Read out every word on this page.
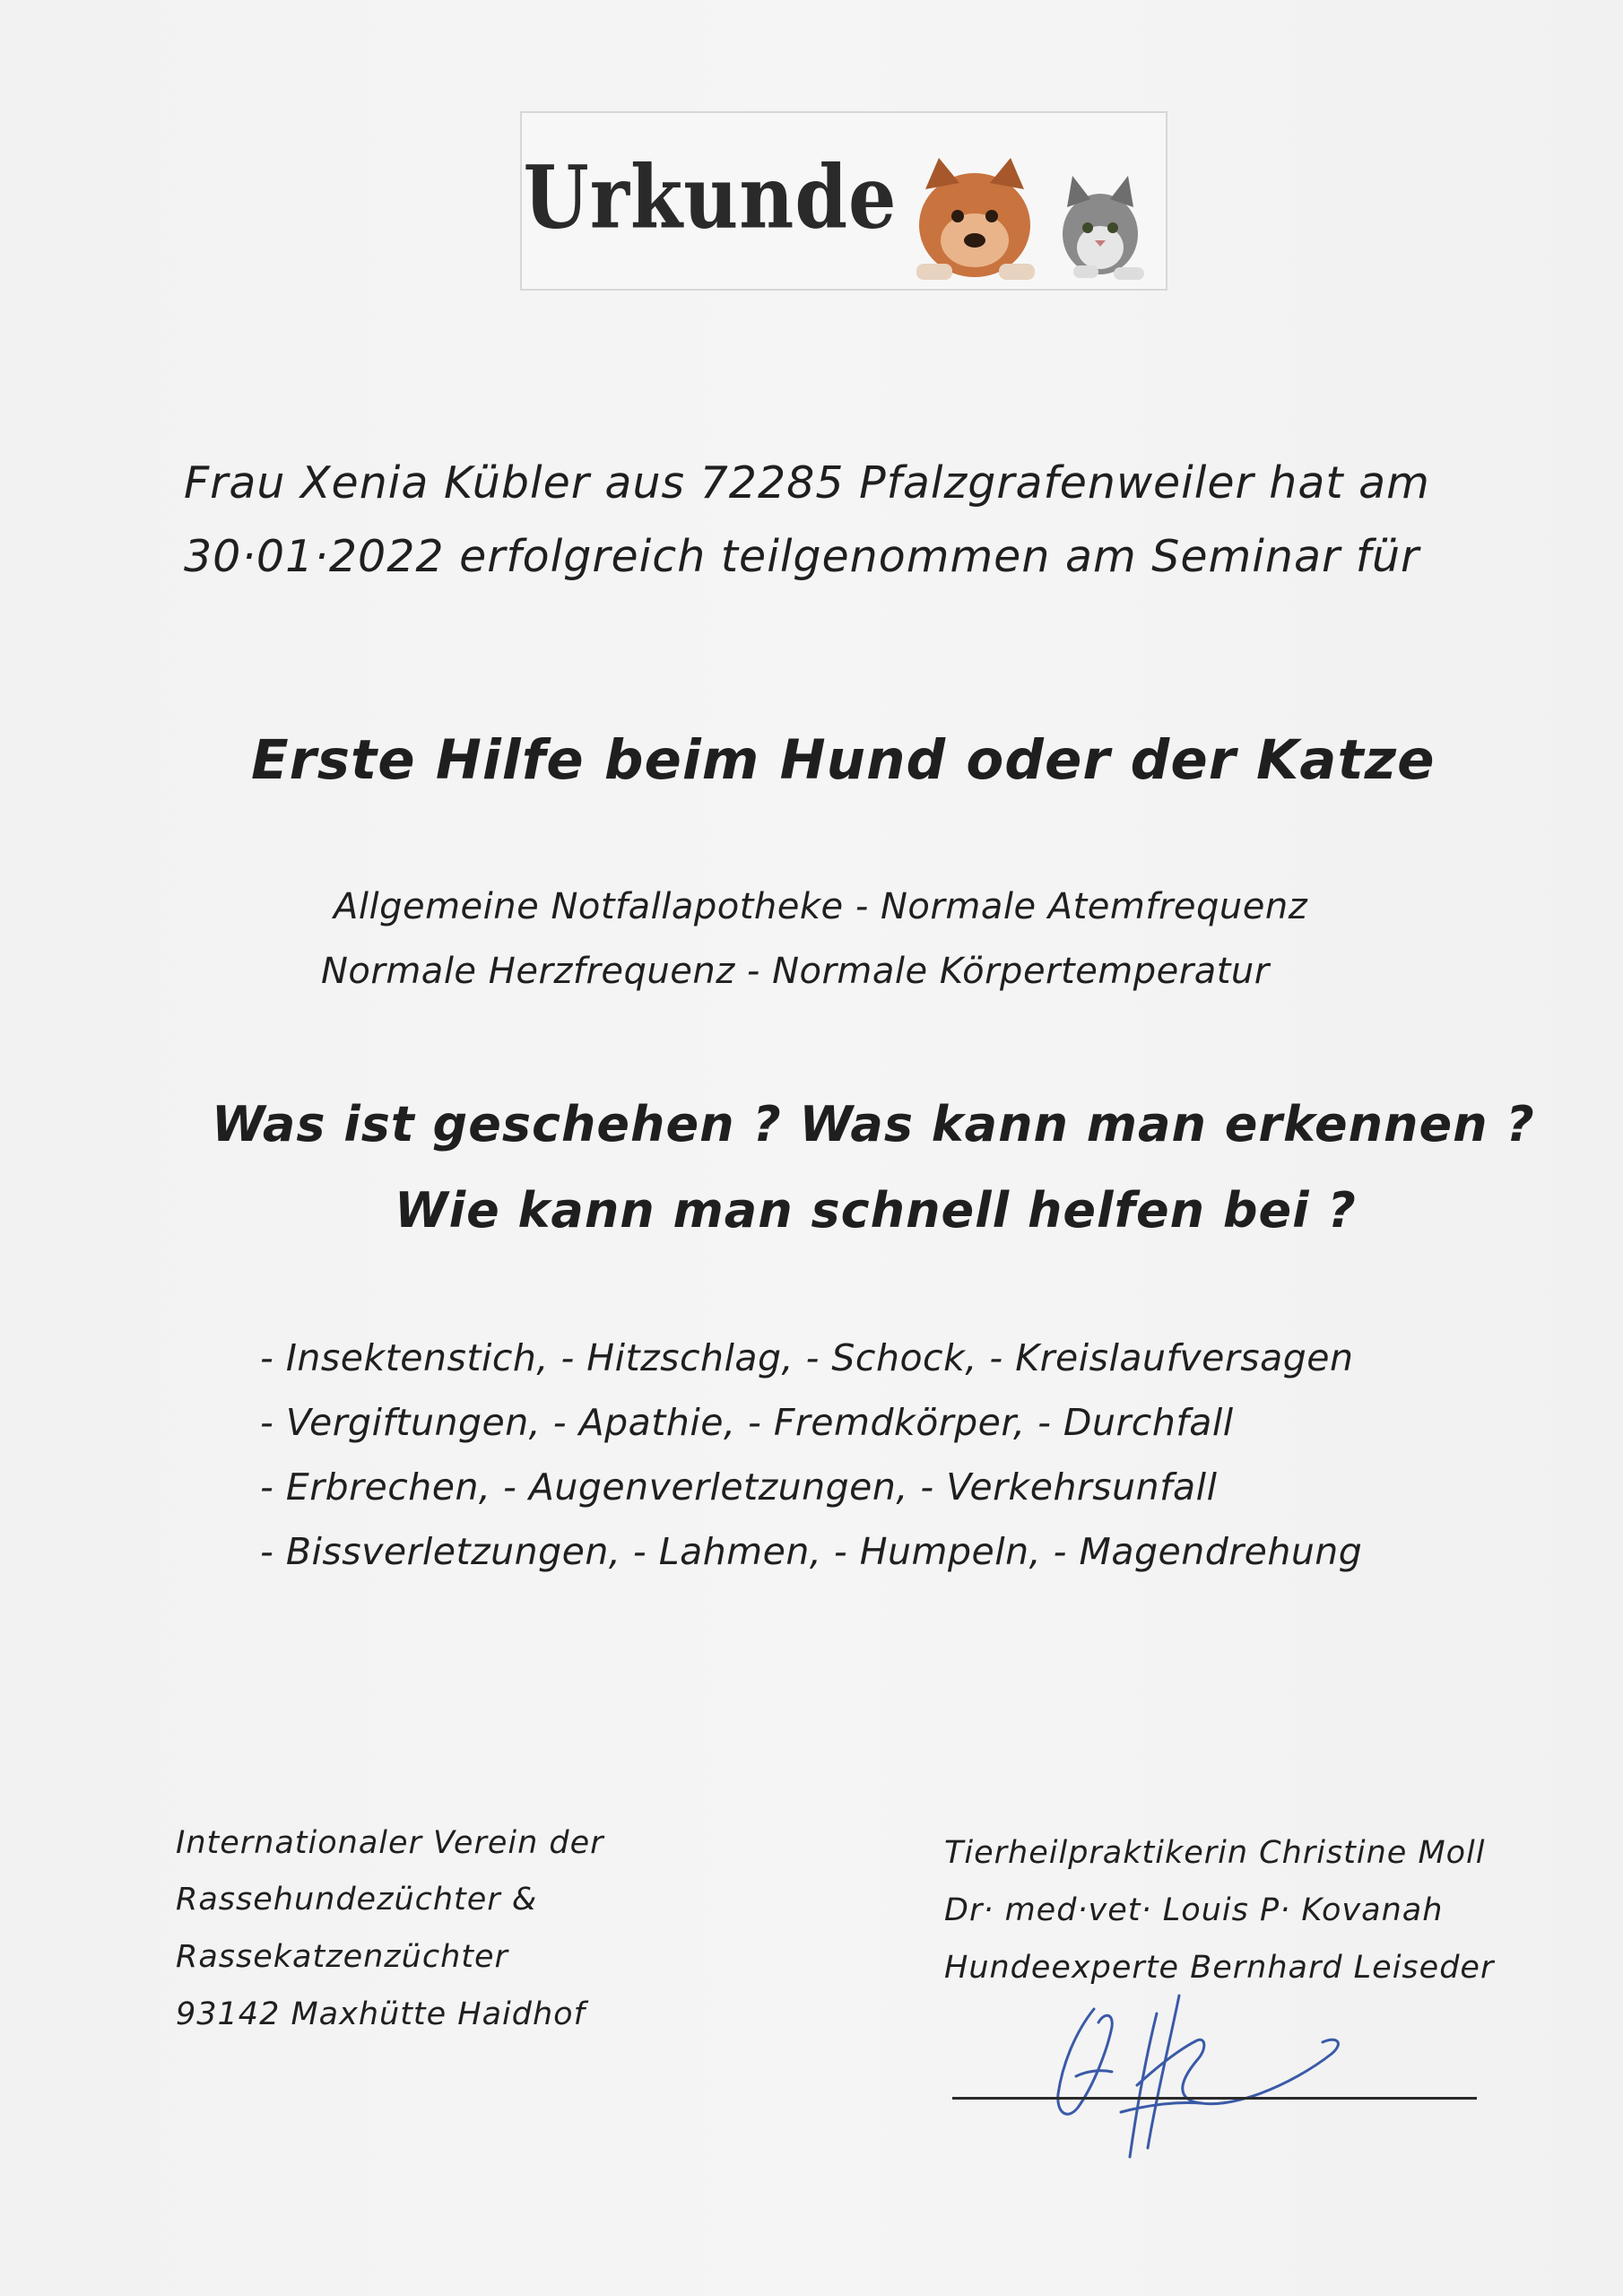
Urkunde
Frau Xenia Kübler aus 72285 Pfalzgrafenweiler hat am
30·01·2022 erfolgreich teilgenommen am Seminar für
Erste Hilfe beim Hund oder der Katze
Allgemeine Notfallapotheke - Normale Atemfrequenz
Normale Herzfrequenz - Normale Körpertemperatur
Was ist geschehen ? Was kann man erkennen ?
Wie kann man schnell helfen bei ?
- Insektenstich, - Hitzschlag, - Schock, - Kreislaufversagen
- Vergiftungen, - Apathie, - Fremdkörper, - Durchfall
- Erbrechen, - Augenverletzungen, - Verkehrsunfall
- Bissverletzungen, - Lahmen, - Humpeln, - Magendrehung
Internationaler Verein der
Rassehundezüchter &
Rassekatzenzüchter
93142 Maxhütte Haidhof
Tierheilpraktikerin Christine Moll
Dr· med·vet· Louis P· Kovanah
Hundeexperte Bernhard Leiseder
